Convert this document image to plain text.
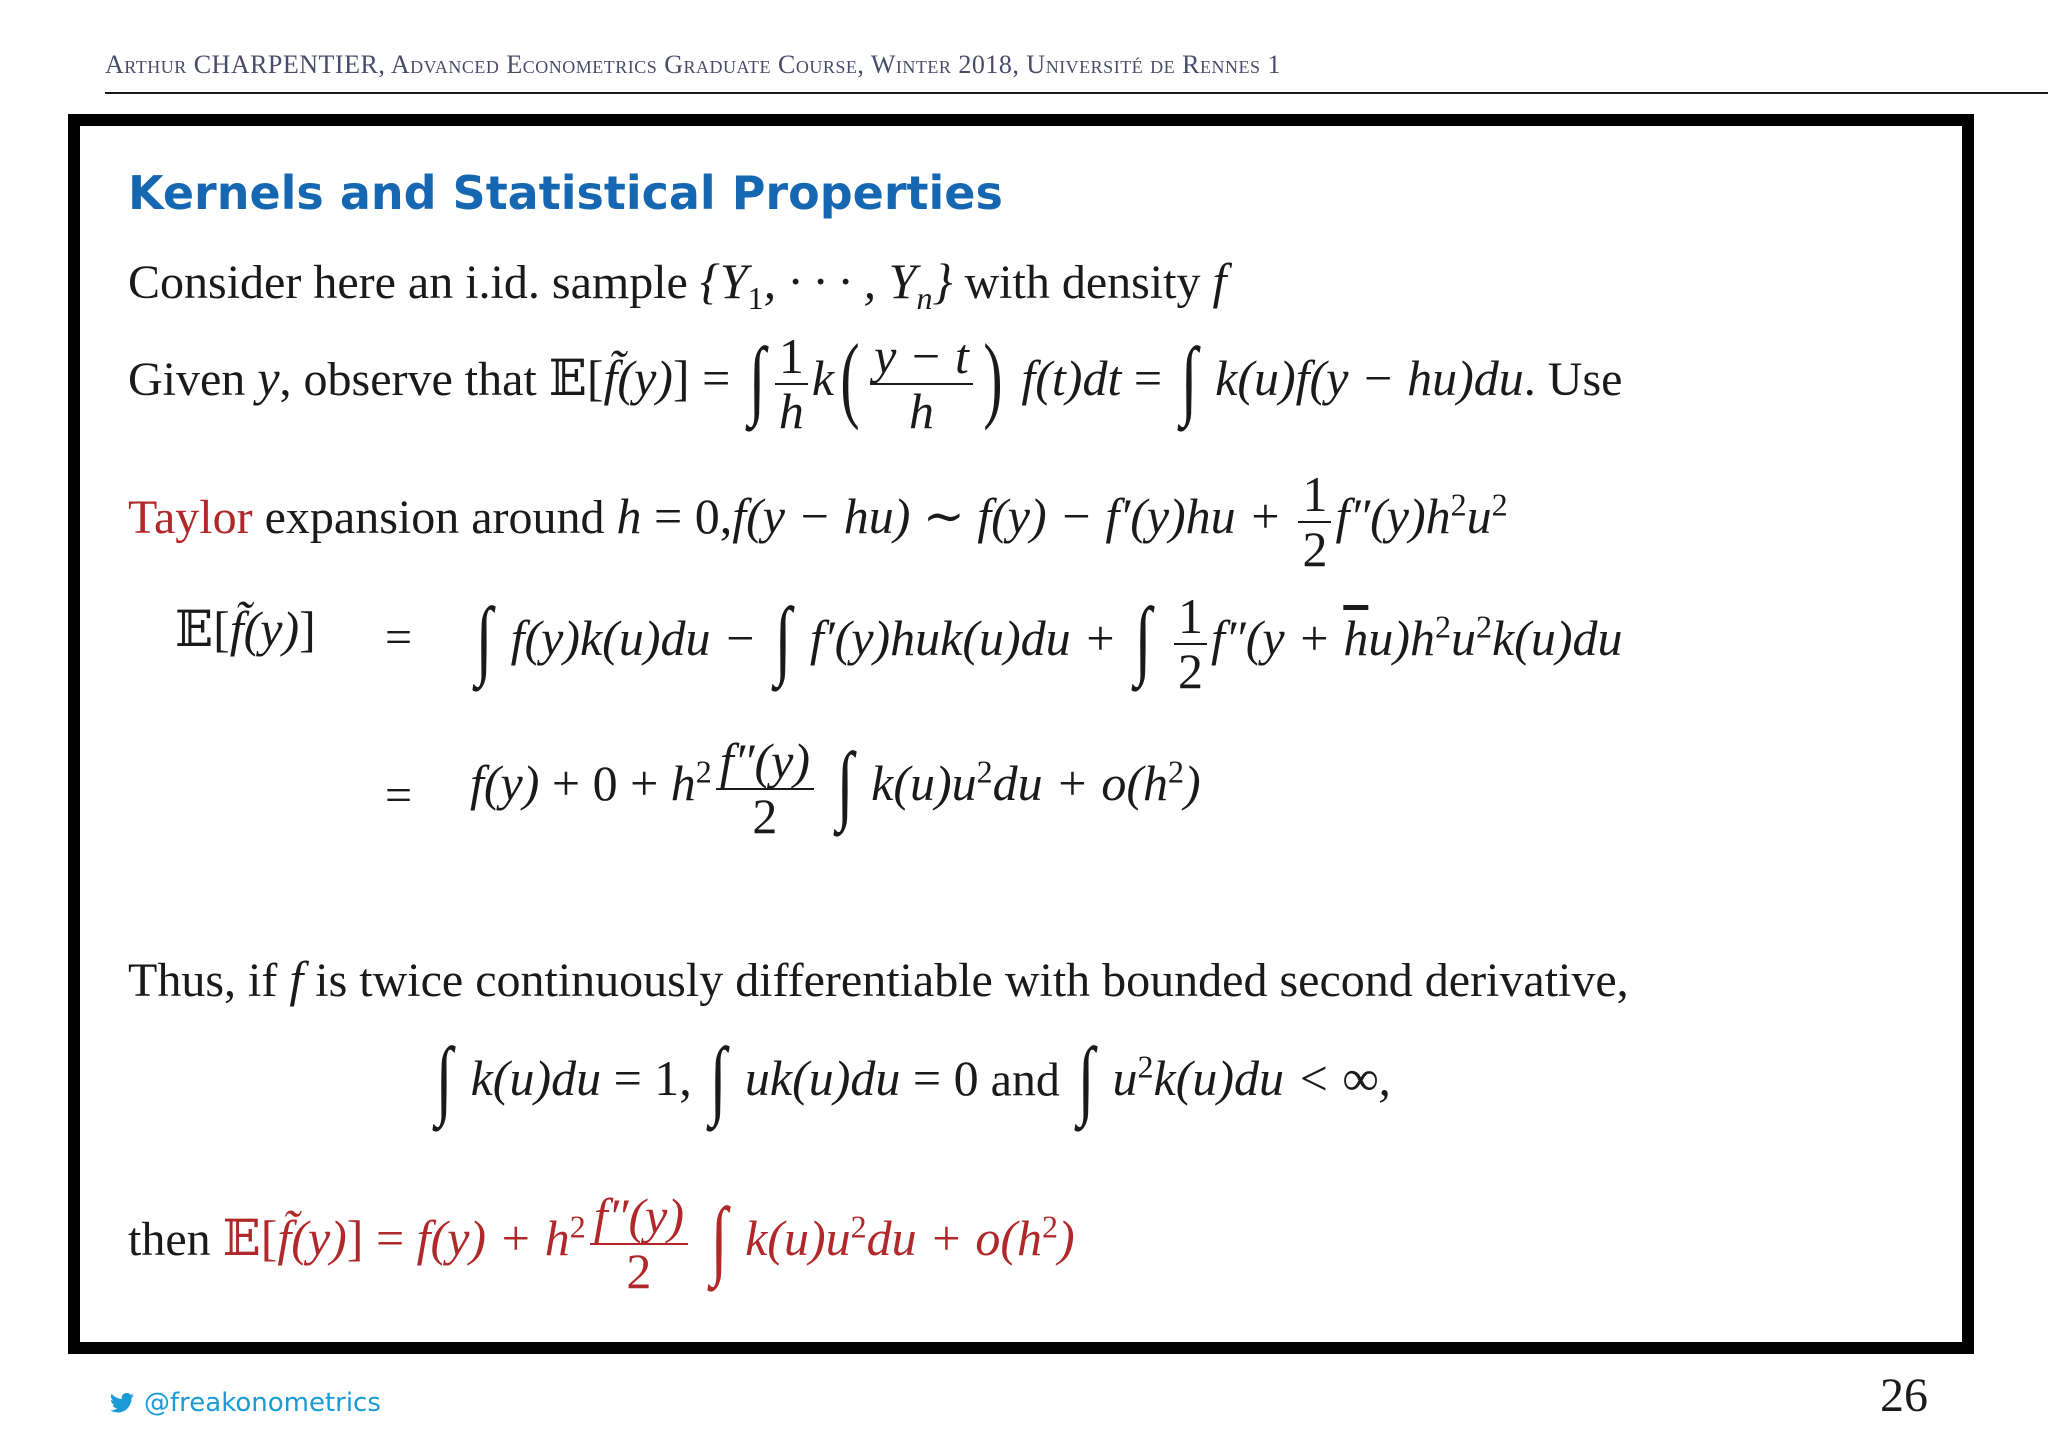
Arthur CHARPENTIER, Advanced Econometrics Graduate Course, Winter 2018, Université de Rennes 1
Kernels and Statistical Properties
Consider here an i.id. sample {$Y_1$, · · · , $Y_n$} with density f
Given y, observe that 𝔼[f̃(y)] = ∫ $\frac{1}{h} k( \frac{y - t}{h}$ ) f(t)dt = ∫ k(u)f(y − hu)du. Use
Taylor expansion around h = 0,f(y − hu) ∼ $f(y) - f'(y)hu + \frac{1}{2} f''(y)h^2u^2$
𝔼[f̃(y)] = ∫ f(y)k(u)du − ∫ f′(y)huk(u)du + ∫ $\frac{1}{2} f''(y + \overline{h}u)h^2u^2k(u)du$
= $f(y) + 0 + h^2 \frac{f''(y)}{2}$ ∫ $k(u)u^2du + o(h^2)$
Thus, if f is twice continuously differentiable with bounded second derivative,
∫ k(u)du = 1, ∫ uk(u)du = 0 and ∫ $u^2k(u)du$ < ∞,
then 𝔼[f̃(y)] = $f(y) + h^2 \frac{f''(y)}{2}$ ∫ $k(u)u^2du + o(h^2)$
@freakonometrics	26
